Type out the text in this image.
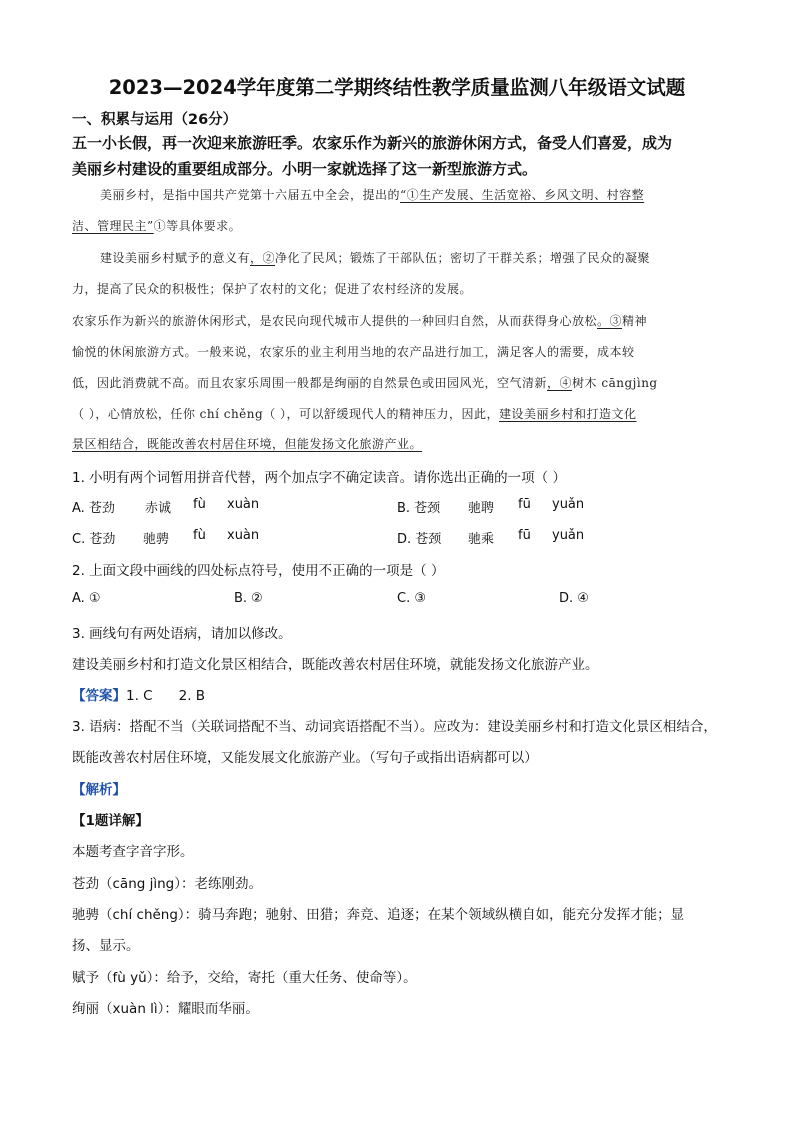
2023—2024学年度第二学期终结性教学质量监测八年级语文试题
一、积累与运用（26分）
五一小长假，再一次迎来旅游旺季。农家乐作为新兴的旅游休闲方式，备受人们喜爱，成为
美丽乡村建设的重要组成部分。小明一家就选择了这一新型旅游方式。
美丽乡村，是指中国共产党第十六届五中全会，提出的“①生产发展、生活宽裕、乡风文明、村容整
洁、管理民主”①等具体要求。
建设美丽乡村赋予的意义有，②净化了民风；锻炼了干部队伍；密切了干群关系；增强了民众的凝聚
力，提高了民众的积极性；保护了农村的文化；促进了农村经济的发展。
农家乐作为新兴的旅游休闲形式，是农民向现代城市人提供的一种回归自然，从而获得身心放松。③精神
愉悦的休闲旅游方式。一般来说，农家乐的业主利用当地的农产品进行加工，满足客人的需要，成本较
低，因此消费就不高。而且农家乐周围一般都是绚丽的自然景色或田园风光，空气清新，④树木 cāngjìng
（ ），心情放松，任你 chí chěng（ ），可以舒缓现代人的精神压力，因此，建设美丽乡村和打造文化
景区相结合，既能改善农村居住环境，但能发扬文化旅游产业。
1. 小明有两个词暂用拼音代替，两个加点字不确定读音。请你选出正确的一项（ ）
A. 苍劲 赤诚 fù xuàn	B. 苍颈 驰聘 fū yuǎn
C. 苍劲 驰骋 fù xuàn	D. 苍颈 驰乘 fū yuǎn
2. 上面文段中画线的四处标点符号，使用不正确的一项是（ ）
A. ①	B. ②	C. ③	D. ④
3. 画线句有两处语病，请加以修改。
建设美丽乡村和打造文化景区相结合，既能改善农村居住环境，就能发扬文化旅游产业。
【答案】1. C 2. B
3. 语病：搭配不当（关联词搭配不当、动词宾语搭配不当）。应改为：建设美丽乡村和打造文化景区相结合，
既能改善农村居住环境，又能发展文化旅游产业。（写句子或指出语病都可以）
【解析】
【1题详解】
本题考查字音字形。
苍劲（cāng jìng）：老练刚劲。
驰骋（chí chěng）：骑马奔跑；驰射、田猎；奔竞、追逐；在某个领域纵横自如，能充分发挥才能；显
扬、显示。
赋予（fù yǔ）：给予，交给，寄托（重大任务、使命等）。
绚丽（xuàn lì）：耀眼而华丽。
